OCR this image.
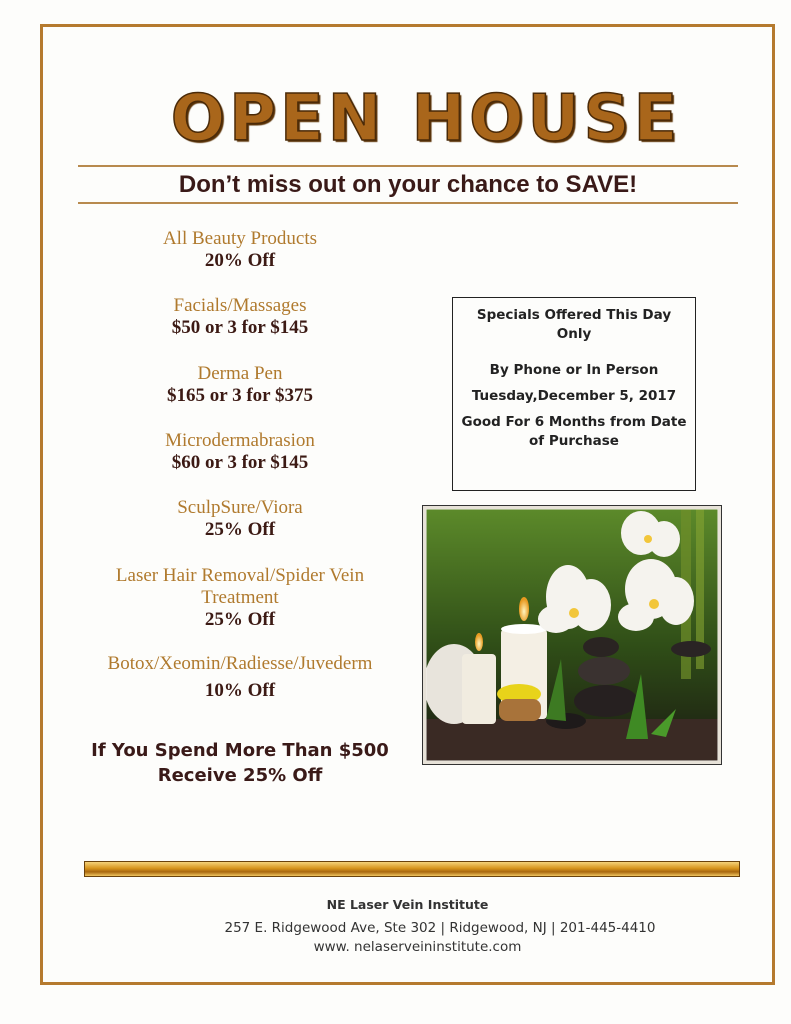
OPEN HOUSE
Don’t miss out on your chance to SAVE!
All Beauty Products
20% Off
Facials/Massages
$50 or 3 for $145
Derma Pen
$165 or 3 for $375
Microdermabrasion
$60 or 3 for $145
SculpSure/Viora
25% Off
Laser Hair Removal/Spider Vein
Treatment
25% Off
Botox/Xeomin/Radiesse/Juvederm
10% Off
If You Spend More Than $500
Receive 25% Off
Specials Offered This Day Only
By Phone or In Person
Tuesday,December 5, 2017
Good For 6 Months from Date of Purchase
NE Laser Vein Institute
257 E. Ridgewood Ave, Ste 302 | Ridgewood, NJ | 201-445-4410
www. nelaserveininstitute.com
